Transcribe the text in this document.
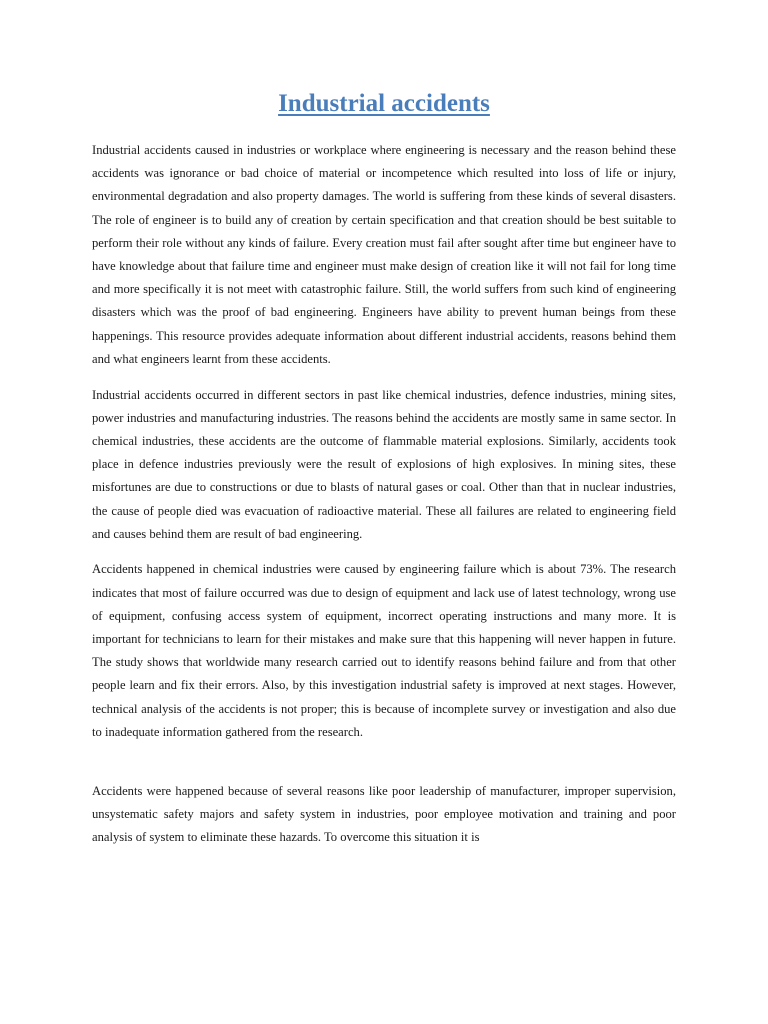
Industrial accidents

Industrial accidents caused in industries or workplace where engineering is necessary and the reason behind these accidents was ignorance or bad choice of material or incompetence which resulted into loss of life or injury, environmental degradation and also property damages. The world is suffering from these kinds of several disasters. The role of engineer is to build any of creation by certain specification and that creation should be best suitable to perform their role without any kinds of failure. Every creation must fail after sought after time but engineer have to have knowledge about that failure time and engineer must make design of creation like it will not fail for long time and more specifically it is not meet with catastrophic failure. Still, the world suffers from such kind of engineering disasters which was the proof of bad engineering. Engineers have ability to prevent human beings from these happenings. This resource provides adequate information about different industrial accidents, reasons behind them and what engineers learnt from these accidents.

Industrial accidents occurred in different sectors in past like chemical industries, defence industries, mining sites, power industries and manufacturing industries. The reasons behind the accidents are mostly same in same sector. In chemical industries, these accidents are the outcome of flammable material explosions. Similarly, accidents took place in defence industries previously were the result of explosions of high explosives. In mining sites, these misfortunes are due to constructions or due to blasts of natural gases or coal. Other than that in nuclear industries, the cause of people died was evacuation of radioactive material. These all failures are related to engineering field and causes behind them are result of bad engineering.

Accidents happened in chemical industries were caused by engineering failure which is about 73%. The research indicates that most of failure occurred was due to design of equipment and lack use of latest technology, wrong use of equipment, confusing access system of equipment, incorrect operating instructions and many more. It is important for technicians to learn for their mistakes and make sure that this happening will never happen in future. The study shows that worldwide many research carried out to identify reasons behind failure and from that other people learn and fix their errors. Also, by this investigation industrial safety is improved at next stages. However, technical analysis of the accidents is not proper; this is because of incomplete survey or investigation and also due to inadequate information gathered from the research.

Accidents were happened because of several reasons like poor leadership of manufacturer, improper supervision, unsystematic safety majors and safety system in industries, poor employee motivation and training and poor analysis of system to eliminate these hazards. To overcome this situation it is
